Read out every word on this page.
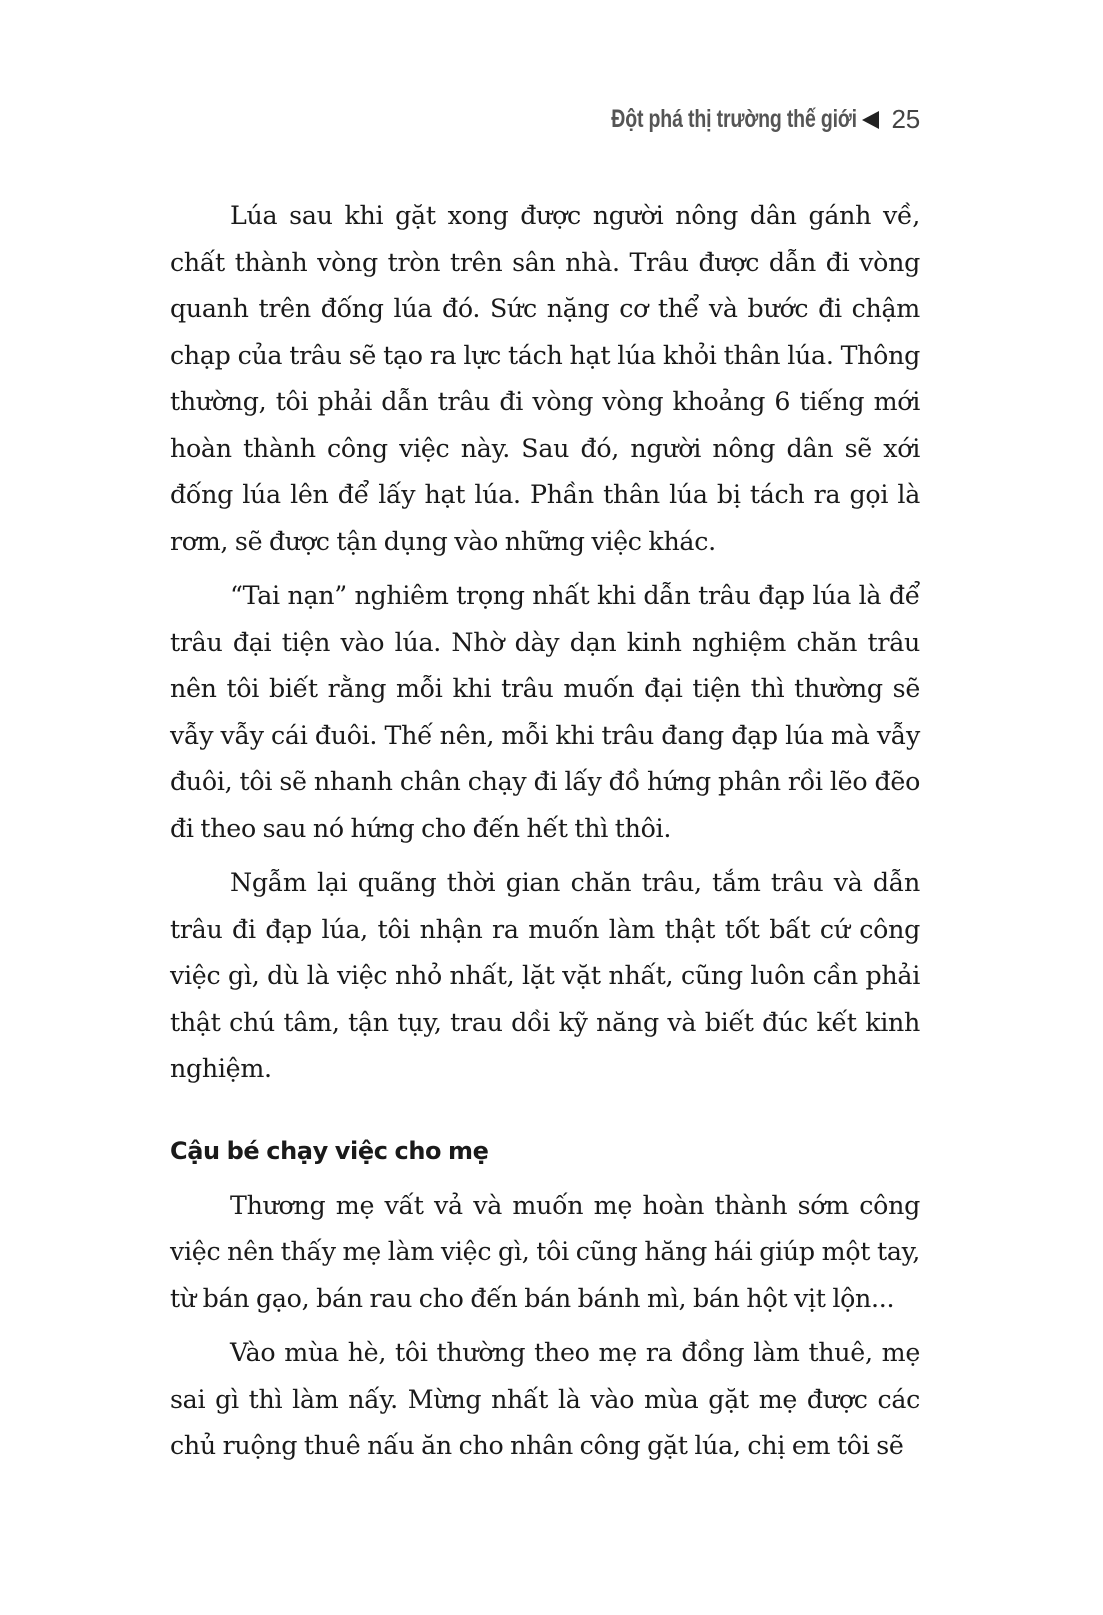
Đột phá thị trường thế giới 25

Lúa sau khi gặt xong được người nông dân gánh về, chất thành vòng tròn trên sân nhà. Trâu được dẫn đi vòng quanh trên đống lúa đó. Sức nặng cơ thể và bước đi chậm chạp của trâu sẽ tạo ra lực tách hạt lúa khỏi thân lúa. Thông thường, tôi phải dẫn trâu đi vòng vòng khoảng 6 tiếng mới hoàn thành công việc này. Sau đó, người nông dân sẽ xới đống lúa lên để lấy hạt lúa. Phần thân lúa bị tách ra gọi là rơm, sẽ được tận dụng vào những việc khác.

“Tai nạn” nghiêm trọng nhất khi dẫn trâu đạp lúa là để trâu đại tiện vào lúa. Nhờ dày dạn kinh nghiệm chăn trâu nên tôi biết rằng mỗi khi trâu muốn đại tiện thì thường sẽ vẫy vẫy cái đuôi. Thế nên, mỗi khi trâu đang đạp lúa mà vẫy đuôi, tôi sẽ nhanh chân chạy đi lấy đồ hứng phân rồi lẽo đẽo đi theo sau nó hứng cho đến hết thì thôi.

Ngẫm lại quãng thời gian chăn trâu, tắm trâu và dẫn trâu đi đạp lúa, tôi nhận ra muốn làm thật tốt bất cứ công việc gì, dù là việc nhỏ nhất, lặt vặt nhất, cũng luôn cần phải thật chú tâm, tận tụy, trau dồi kỹ năng và biết đúc kết kinh nghiệm.

Cậu bé chạy việc cho mẹ

Thương mẹ vất vả và muốn mẹ hoàn thành sớm công việc nên thấy mẹ làm việc gì, tôi cũng hăng hái giúp một tay, từ bán gạo, bán rau cho đến bán bánh mì, bán hột vịt lộn...

Vào mùa hè, tôi thường theo mẹ ra đồng làm thuê, mẹ sai gì thì làm nấy. Mừng nhất là vào mùa gặt mẹ được các chủ ruộng thuê nấu ăn cho nhân công gặt lúa, chị em tôi sẽ
